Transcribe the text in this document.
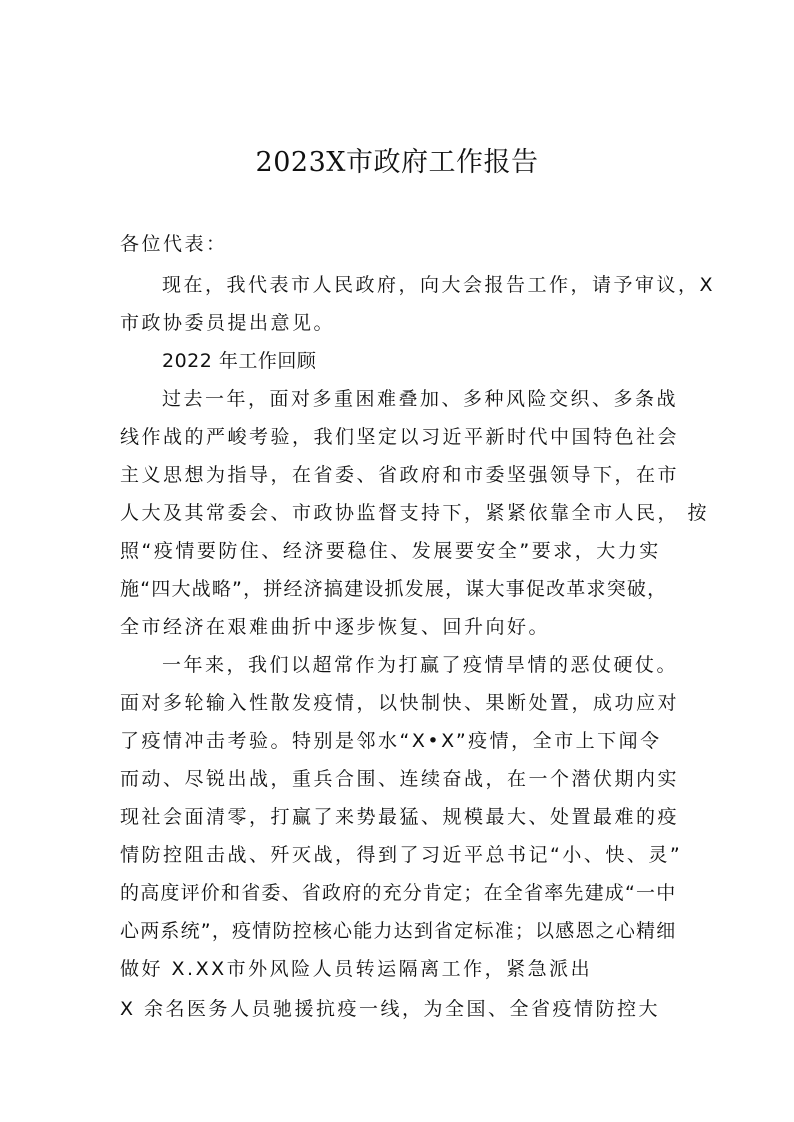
2023X市政府工作报告
各位代表：
现在，我代表市人民政府，向大会报告工作，请予审议，X
市政协委员提出意见。
2022 年工作回顾
过去一年，面对多重困难叠加、多种风险交织、多条战
线作战的严峻考验，我们坚定以习近平新时代中国特色社会
主义思想为指导，在省委、省政府和市委坚强领导下，在市
人大及其常委会、市政协监督支持下，紧紧依靠全市人民， 按
照“疫情要防住、经济要稳住、发展要安全”要求，大力实
施“四大战略”，拼经济搞建设抓发展，谋大事促改革求突破，
全市经济在艰难曲折中逐步恢复、回升向好。
一年来，我们以超常作为打赢了疫情旱情的恶仗硬仗。
面对多轮输入性散发疫情，以快制快、果断处置，成功应对
了疫情冲击考验。特别是邻水“X•X”疫情，全市上下闻令
而动、尽锐出战，重兵合围、连续奋战，在一个潜伏期内实
现社会面清零，打赢了来势最猛、规模最大、处置最难的疫
情防控阻击战、歼灭战，得到了习近平总书记“小、快、灵”
的高度评价和省委、省政府的充分肯定；在全省率先建成“一中
心两系统”，疫情防控核心能力达到省定标准；以感恩之心精细
做好 X.XX市外风险人员转运隔离工作，紧急派出
X 余名医务人员驰援抗疫一线，为全国、全省疫情防控大
